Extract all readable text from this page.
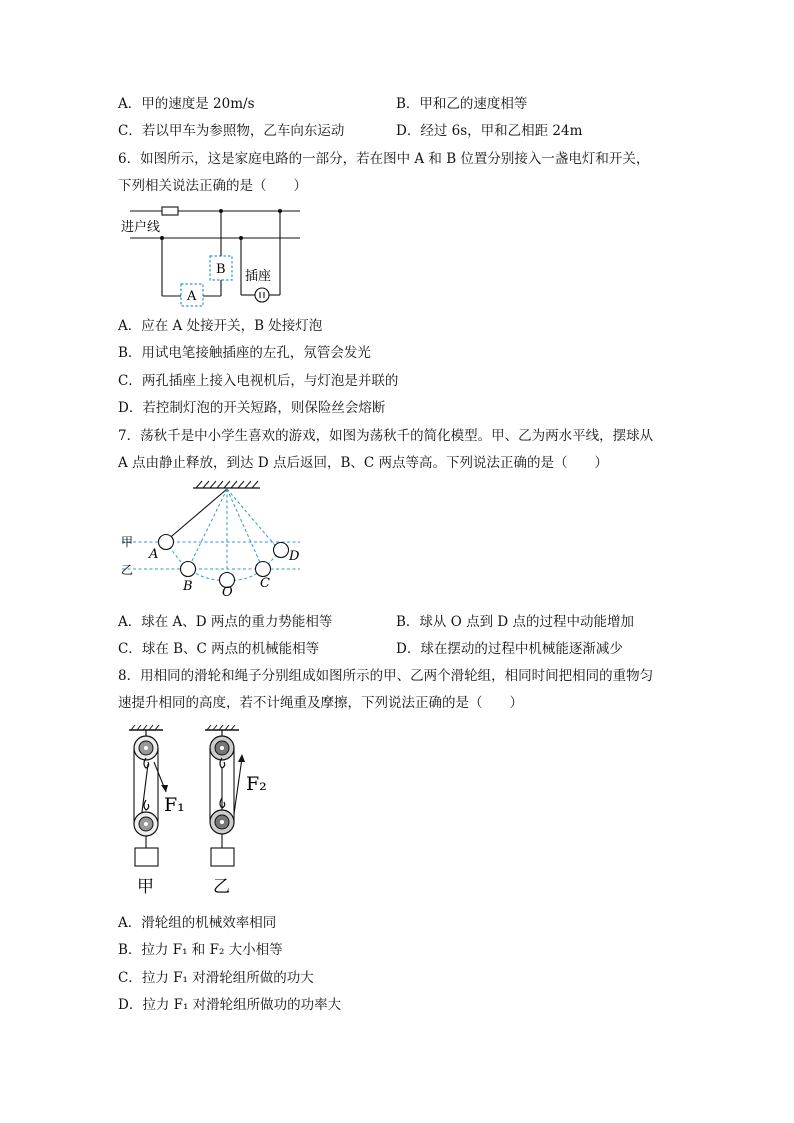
A．甲的速度是 20m/s	B．甲和乙的速度相等
C．若以甲车为参照物，乙车向东运动	D．经过 6s，甲和乙相距 24m
6．如图所示，这是家庭电路的一部分，若在图中 A 和 B 位置分别接入一盏电灯和开关，
下列相关说法正确的是（　　）
进户线
A
B 插座
A．应在 A 处接开关，B 处接灯泡
B．用试电笔接触插座的左孔，氖管会发光
C．两孔插座上接入电视机后，与灯泡是并联的
D．若控制灯泡的开关短路，则保险丝会熔断
7．荡秋千是中小学生喜欢的游戏，如图为荡秋千的简化模型。甲、乙为两水平线，摆球从
A 点由静止释放，到达 D 点后返回，B、C 两点等高。下列说法正确的是（　　）
甲
乙
A
B O
C
D
A．球在 A、D 两点的重力势能相等	B．球从 O 点到 D 点的过程中动能增加
C．球在 B、C 两点的机械能相等	D．球在摆动的过程中机械能逐渐减少
8．用相同的滑轮和绳子分别组成如图所示的甲、乙两个滑轮组，相同时间把相同的重物匀
速提升相同的高度，若不计绳重及摩擦，下列说法正确的是（　　）
F₁
F₂
甲	乙
A．滑轮组的机械效率相同
B．拉力 F₁ 和 F₂ 大小相等
C．拉力 F₁ 对滑轮组所做的功大
D．拉力 F₁ 对滑轮组所做功的功率大
